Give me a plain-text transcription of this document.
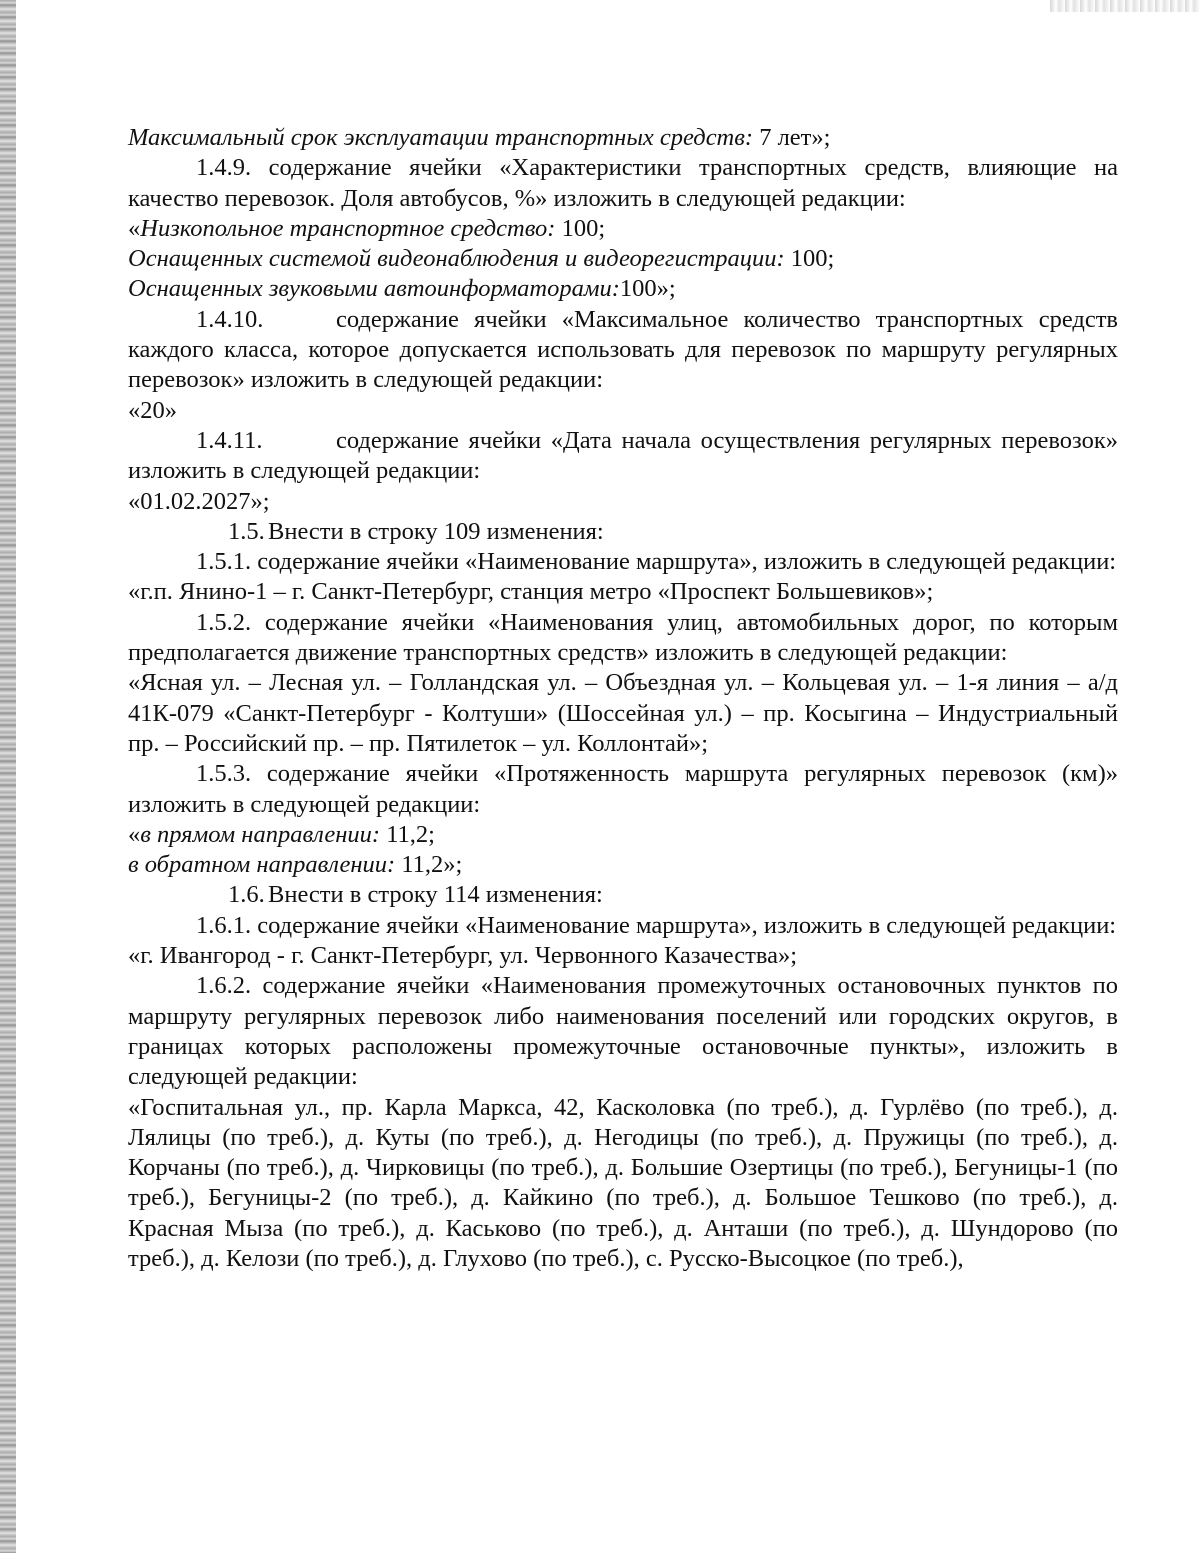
Максимальный срок эксплуатации транспортных средств: 7 лет»;

1.4.9. содержание ячейки «Характеристики транспортных средств, влияющие на качество перевозок. Доля автобусов, %» изложить в следующей редакции:

«Низкопольное транспортное средство: 100;

Оснащенных системой видеонаблюдения и видеорегистрации: 100;

Оснащенных звуковыми автоинформаторами:100»;

1.4.10.	содержание ячейки «Максимальное количество транспортных средств каждого класса, которое допускается использовать для перевозок по маршруту регулярных перевозок» изложить в следующей редакции:

«20»

1.4.11.	содержание ячейки «Дата начала осуществления регулярных перевозок» изложить в следующей редакции:

«01.02.2027»;

1.5. Внести в строку 109 изменения:

1.5.1. содержание ячейки «Наименование маршрута», изложить в следующей редакции:

«г.п. Янино-1 – г. Санкт-Петербург, станция метро «Проспект Большевиков»;

1.5.2. содержание ячейки «Наименования улиц, автомобильных дорог, по которым предполагается движение транспортных средств» изложить в следующей редакции:

«Ясная ул. – Лесная ул. – Голландская ул. – Объездная ул. – Кольцевая ул. – 1-я линия – а/д 41К-079 «Санкт-Петербург - Колтуши» (Шоссейная ул.) – пр. Косыгина – Индустриальный пр. – Российский пр. – пр. Пятилеток – ул. Коллонтай»;

1.5.3. содержание ячейки «Протяженность маршрута регулярных перевозок (км)» изложить в следующей редакции:

«в прямом направлении: 11,2;

в обратном направлении: 11,2»;

1.6. Внести в строку 114 изменения:

1.6.1. содержание ячейки «Наименование маршрута», изложить в следующей редакции:

«г. Ивангород - г. Санкт-Петербург, ул. Червонного Казачества»;

1.6.2. содержание ячейки «Наименования промежуточных остановочных пунктов по маршруту регулярных перевозок либо наименования поселений или городских округов, в границах которых расположены промежуточные остановочные пункты», изложить в следующей редакции:

«Госпитальная ул., пр. Карла Маркса, 42, Касколовка (по треб.), д. Гурлёво (по треб.), д. Лялицы (по треб.), д. Куты (по треб.), д. Негодицы (по треб.), д. Пружицы (по треб.), д. Корчаны (по треб.), д. Чирковицы (по треб.), д. Большие Озертицы (по треб.), Бегуницы-1 (по треб.), Бегуницы-2 (по треб.), д. Кайкино (по треб.), д. Большое Тешково (по треб.), д. Красная Мыза (по треб.), д. Каськово (по треб.), д. Анташи (по треб.), д. Шундорово (по треб.), д. Келози (по треб.), д. Глухово (по треб.), с. Русско-Высоцкое (по треб.),
